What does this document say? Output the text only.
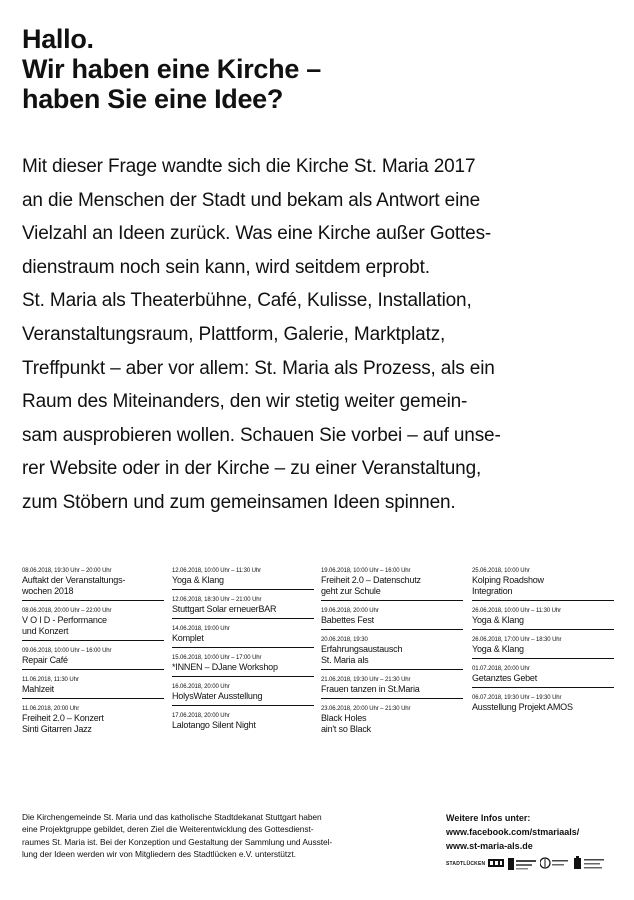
Hallo.
Wir haben eine Kirche –
haben Sie eine Idee?
Mit dieser Frage wandte sich die Kirche St. Maria 2017
an die Menschen der Stadt und bekam als Antwort eine
Vielzahl an Ideen zurück. Was eine Kirche außer Gottes-
dienstraum noch sein kann, wird seitdem erprobt.
St. Maria als Theaterbühne, Café, Kulisse, Installation,
Veranstaltungsraum, Plattform, Galerie, Marktplatz,
Treffpunkt – aber vor allem: St. Maria als Prozess, als ein
Raum des Miteinanders, den wir stetig weiter gemein-
sam ausprobieren wollen. Schauen Sie vorbei – auf unse-
rer Website oder in der Kirche – zu einer Veranstaltung,
zum Stöbern und zum gemeinsamen Ideen spinnen.
08.06.2018, 19:30 Uhr – 20:00 Uhr
Auftakt der Veranstaltungs-
wochen 2018
08.06.2018, 20:00 Uhr – 22:00 Uhr
V O I D - Performance
und Konzert
09.06.2018, 10:00 Uhr – 16:00 Uhr
Repair Café
11.06.2018, 11:30 Uhr
Mahlzeit
11.06.2018, 20:00 Uhr
Freiheit 2.0 – Konzert
Sinti Gitarren Jazz
12.06.2018, 10:00 Uhr – 11:30 Uhr
Yoga & Klang
12.06.2018, 18:30 Uhr – 21:00 Uhr
Stuttgart Solar erneuerBAR
14.06.2018, 19:00 Uhr
Komplet
15.06.2018, 10:00 Uhr – 17:00 Uhr
*INNEN – DJane Workshop
16.06.2018, 20:00 Uhr
HolysWater Ausstellung
17.06.2018, 20:00 Uhr
Lalotango Silent Night
19.06.2018, 10:00 Uhr – 16:00 Uhr
Freiheit 2.0 – Datenschutz
geht zur Schule
19.06.2018, 20:00 Uhr
Babettes Fest
20.06.2018, 19:30
Erfahrungsaustausch
St. Maria als
21.06.2018, 19:30 Uhr – 21:30 Uhr
Frauen tanzen in St.Maria
23.06.2018, 20:00 Uhr – 21:30 Uhr
Black Holes
ain't so Black
25.06.2018, 10:00 Uhr
Kolping Roadshow
Integration
26.06.2018, 10:00 Uhr – 11:30 Uhr
Yoga & Klang
26.06.2018, 17:00 Uhr – 18:30 Uhr
Yoga & Klang
01.07.2018, 20:00 Uhr
Getanztes Gebet
06.07.2018, 19:30 Uhr – 19:30 Uhr
Ausstellung Projekt AMOS
Die Kirchengemeinde St. Maria und das katholische Stadtdekanat Stuttgart haben
eine Projektgruppe gebildet, deren Ziel die Weiterentwicklung des Gottesdienst-
raumes St. Maria ist. Bei der Konzeption und Gestaltung der Sammlung und Ausstel-
lung der Ideen werden wir von Mitgliedern des Stadtlücken e.V. unterstützt.
Weitere Infos unter:
www.facebook.com/stmariaals/
www.st-maria-als.de
STADTLÜCKEN
